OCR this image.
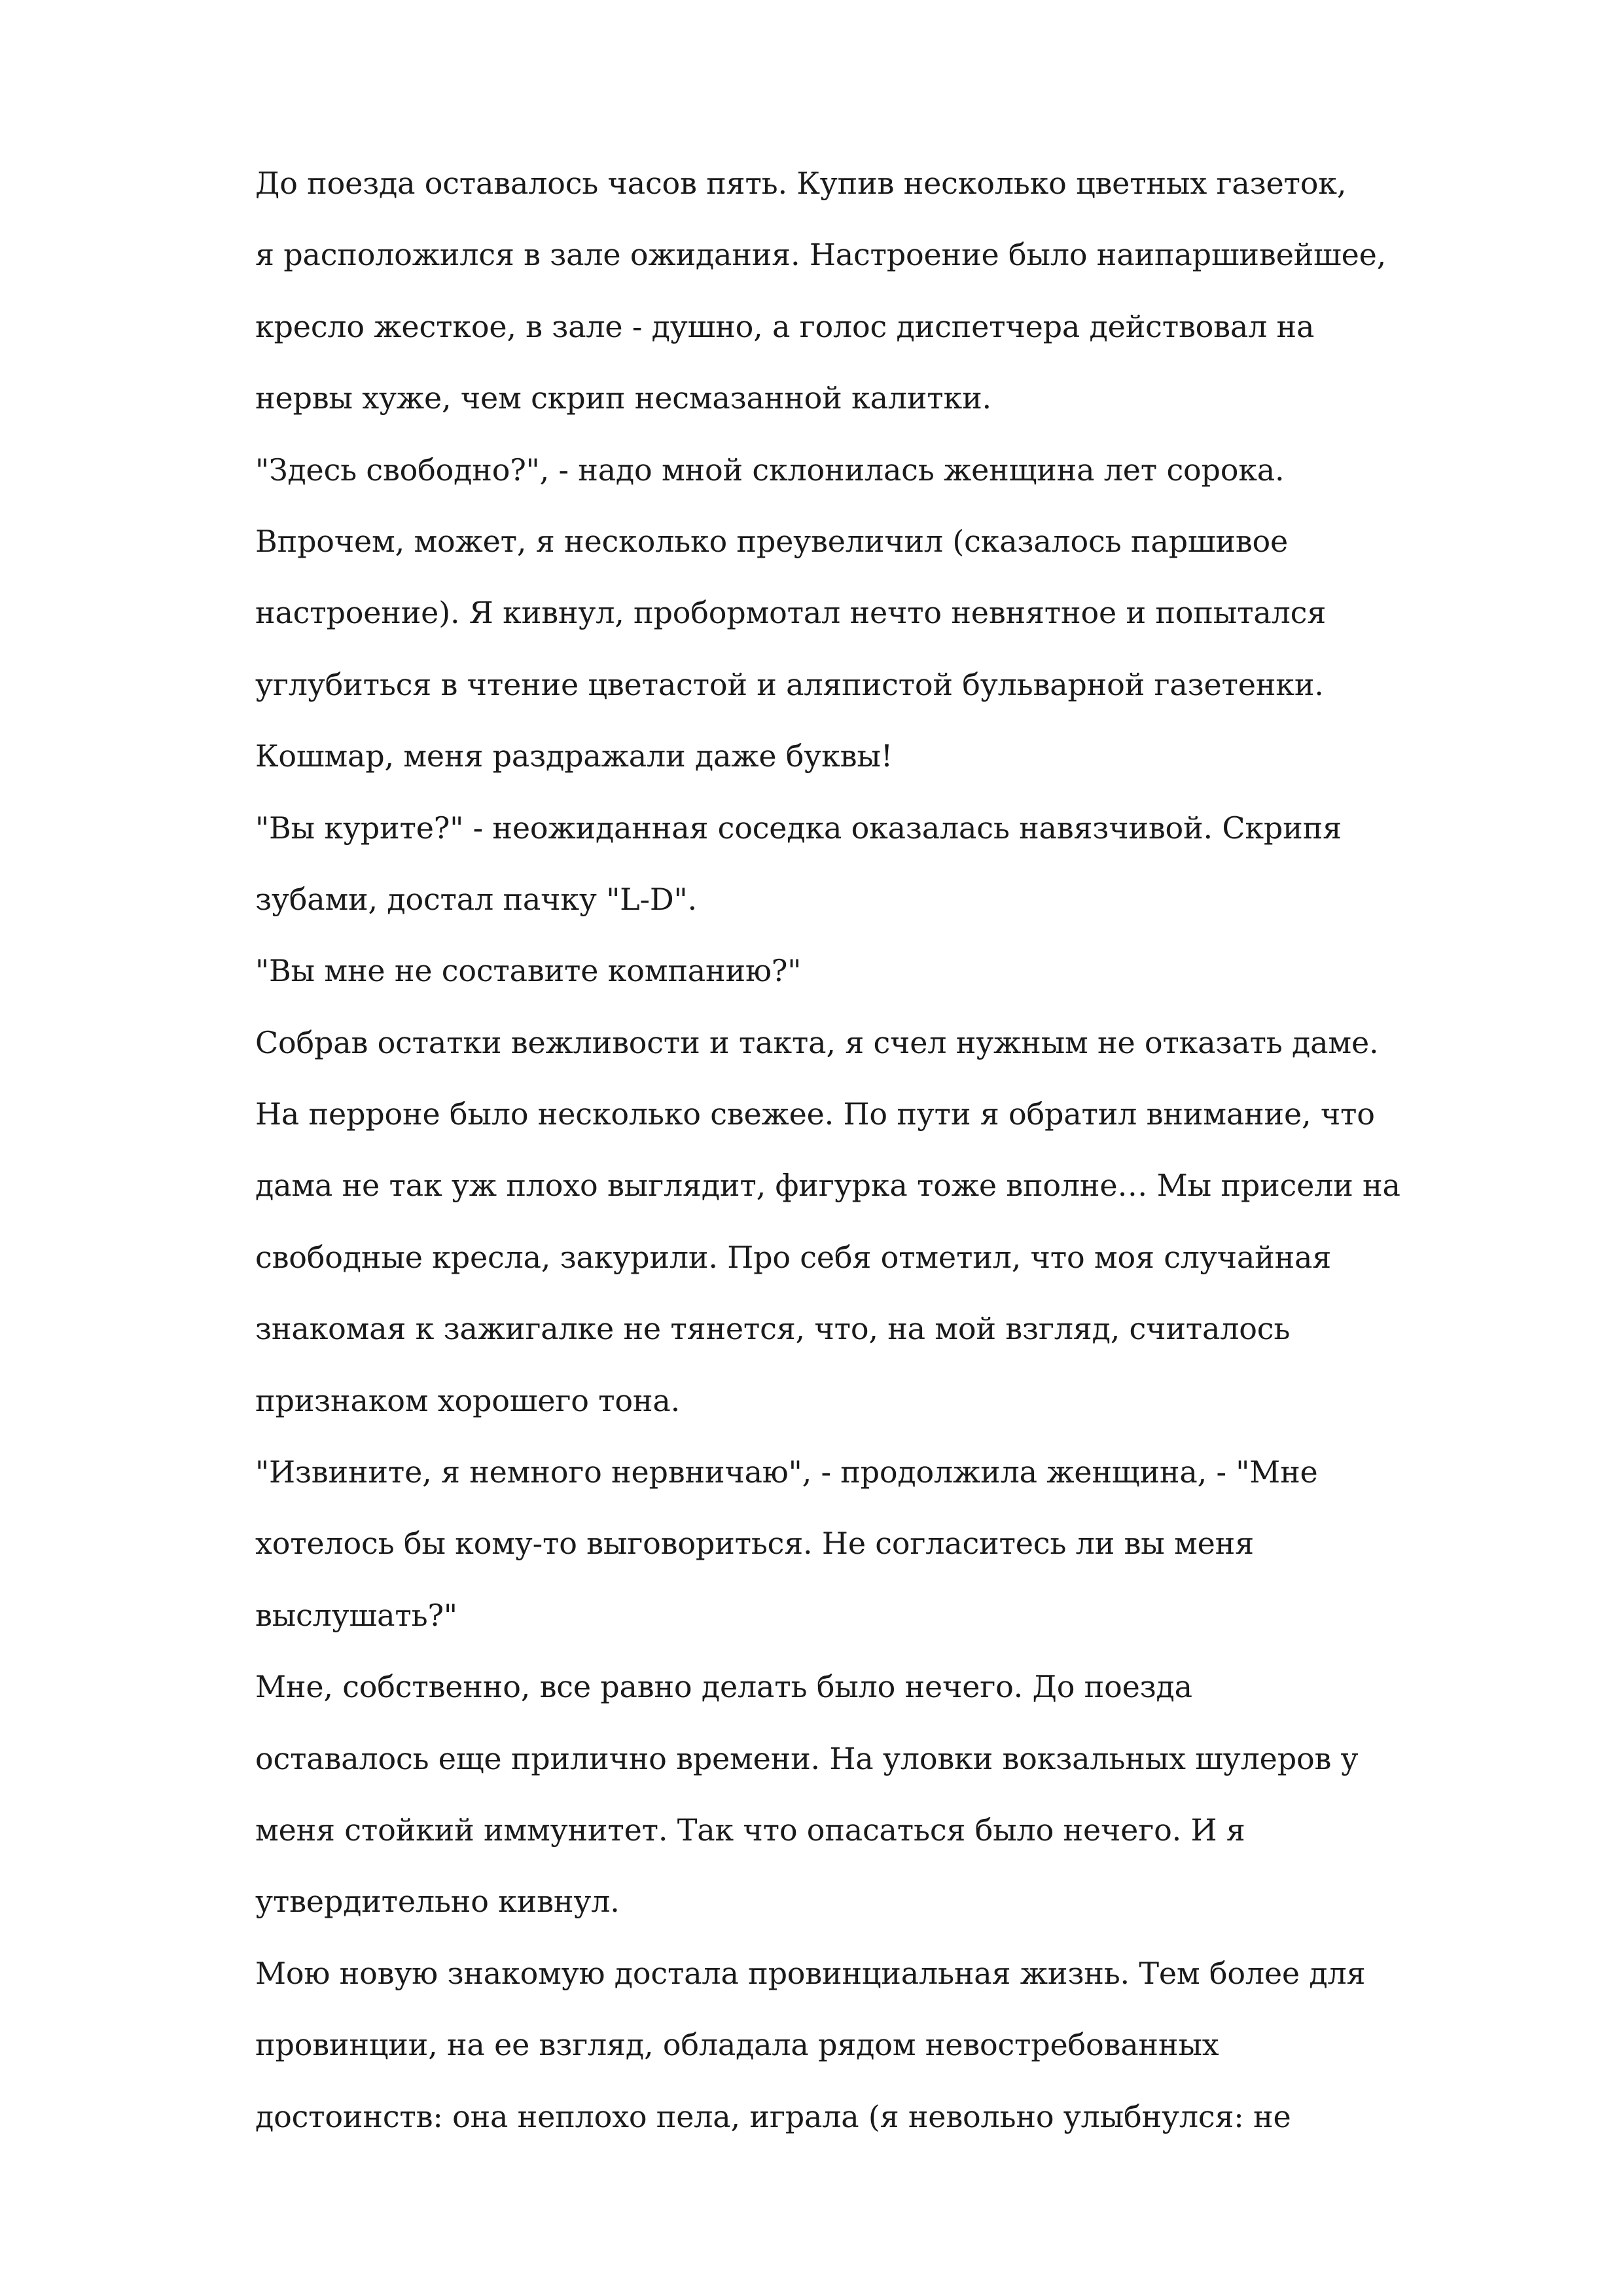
До поезда оставалось часов пять. Купив несколько цветных газеток,
я расположился в зале ожидания. Настроение было наипаршивейшее,
кресло жесткое, в зале - душно, а голос диспетчера действовал на
нервы хуже, чем скрип несмазанной калитки.
"Здесь свободно?", - надо мной склонилась женщина лет сорока.
Впрочем, может, я несколько преувеличил (сказалось паршивое
настроение). Я кивнул, пробормотал нечто невнятное и попытался
углубиться в чтение цветастой и аляпистой бульварной газетенки.
Кошмар, меня раздражали даже буквы!
"Вы курите?" - неожиданная соседка оказалась навязчивой. Скрипя
зубами, достал пачку "L-D".
"Вы мне не составите компанию?"
Собрав остатки вежливости и такта, я счел нужным не отказать даме.
На перроне было несколько свежее. По пути я обратил внимание, что
дама не так уж плохо выглядит, фигурка тоже вполне… Мы присели на
свободные кресла, закурили. Про себя отметил, что моя случайная
знакомая к зажигалке не тянется, что, на мой взгляд, считалось
признаком хорошего тона.
"Извините, я немного нервничаю", - продолжила женщина, - "Мне
хотелось бы кому-то выговориться. Не согласитесь ли вы меня
выслушать?"
Мне, собственно, все равно делать было нечего. До поезда
оставалось еще прилично времени. На уловки вокзальных шулеров у
меня стойкий иммунитет. Так что опасаться было нечего. И я
утвердительно кивнул.
Мою новую знакомую достала провинциальная жизнь. Тем более для
провинции, на ее взгляд, обладала рядом невостребованных
достоинств: она неплохо пела, играла (я невольно улыбнулся: не
